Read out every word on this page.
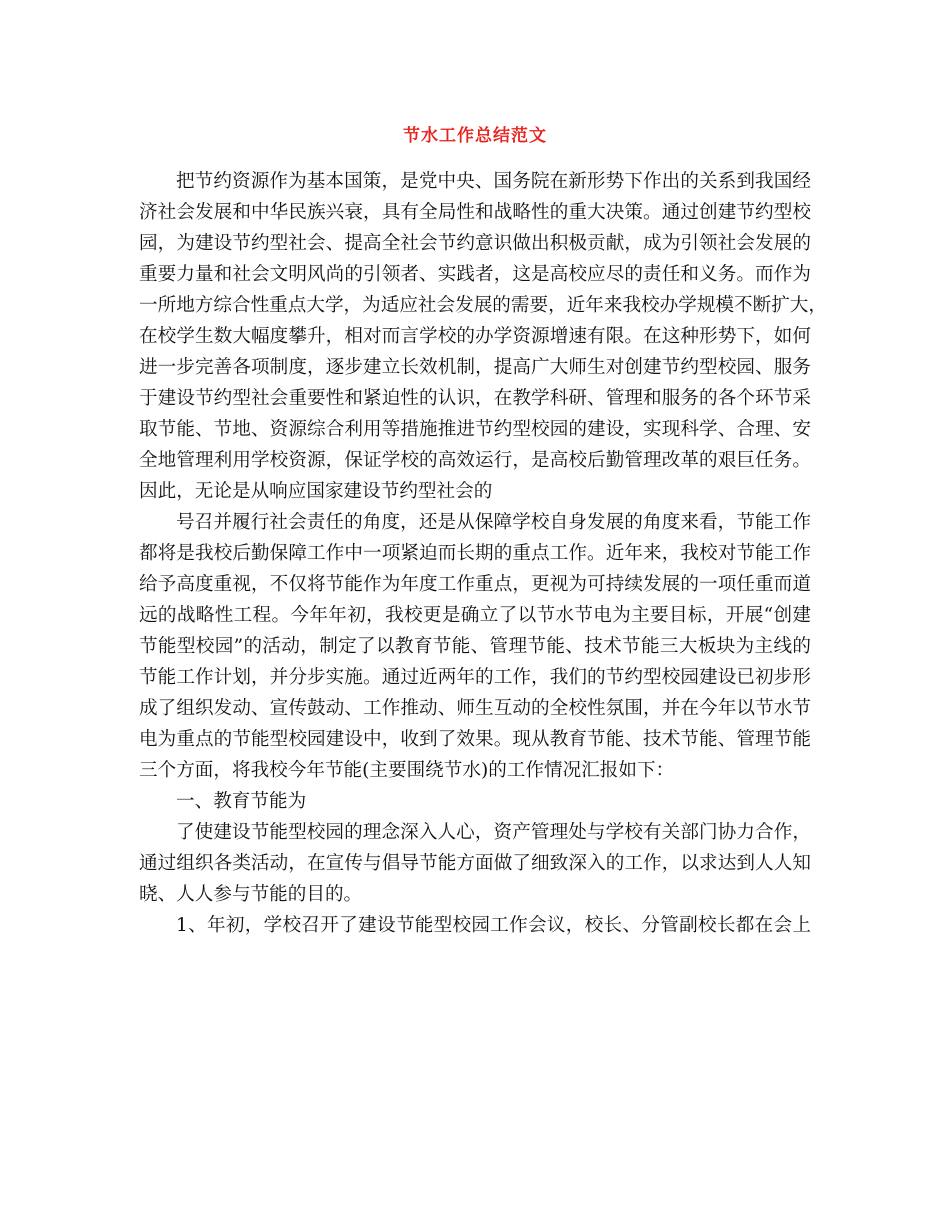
节水工作总结范文
把节约资源作为基本国策，是党中央、国务院在新形势下作出的关系到我国经
济社会发展和中华民族兴衰，具有全局性和战略性的重大决策。通过创建节约型校
园，为建设节约型社会、提高全社会节约意识做出积极贡献，成为引领社会发展的
重要力量和社会文明风尚的引领者、实践者，这是高校应尽的责任和义务。而作为
一所地方综合性重点大学，为适应社会发展的需要，近年来我校办学规模不断扩大，
在校学生数大幅度攀升，相对而言学校的办学资源增速有限。在这种形势下，如何
进一步完善各项制度，逐步建立长效机制，提高广大师生对创建节约型校园、服务
于建设节约型社会重要性和紧迫性的认识，在教学科研、管理和服务的各个环节采
取节能、节地、资源综合利用等措施推进节约型校园的建设，实现科学、合理、安
全地管理利用学校资源，保证学校的高效运行，是高校后勤管理改革的艰巨任务。
因此，无论是从响应国家建设节约型社会的
号召并履行社会责任的角度，还是从保障学校自身发展的角度来看，节能工作
都将是我校后勤保障工作中一项紧迫而长期的重点工作。近年来，我校对节能工作
给予高度重视，不仅将节能作为年度工作重点，更视为可持续发展的一项任重而道
远的战略性工程。今年年初，我校更是确立了以节水节电为主要目标，开展“创建
节能型校园”的活动，制定了以教育节能、管理节能、技术节能三大板块为主线的
节能工作计划，并分步实施。通过近两年的工作，我们的节约型校园建设已初步形
成了组织发动、宣传鼓动、工作推动、师生互动的全校性氛围，并在今年以节水节
电为重点的节能型校园建设中，收到了效果。现从教育节能、技术节能、管理节能
三个方面，将我校今年节能(主要围绕节水)的工作情况汇报如下：
一、教育节能为
了使建设节能型校园的理念深入人心，资产管理处与学校有关部门协力合作，
通过组织各类活动，在宣传与倡导节能方面做了细致深入的工作，以求达到人人知
晓、人人参与节能的目的。
1、年初，学校召开了建设节能型校园工作会议，校长、分管副校长都在会上
